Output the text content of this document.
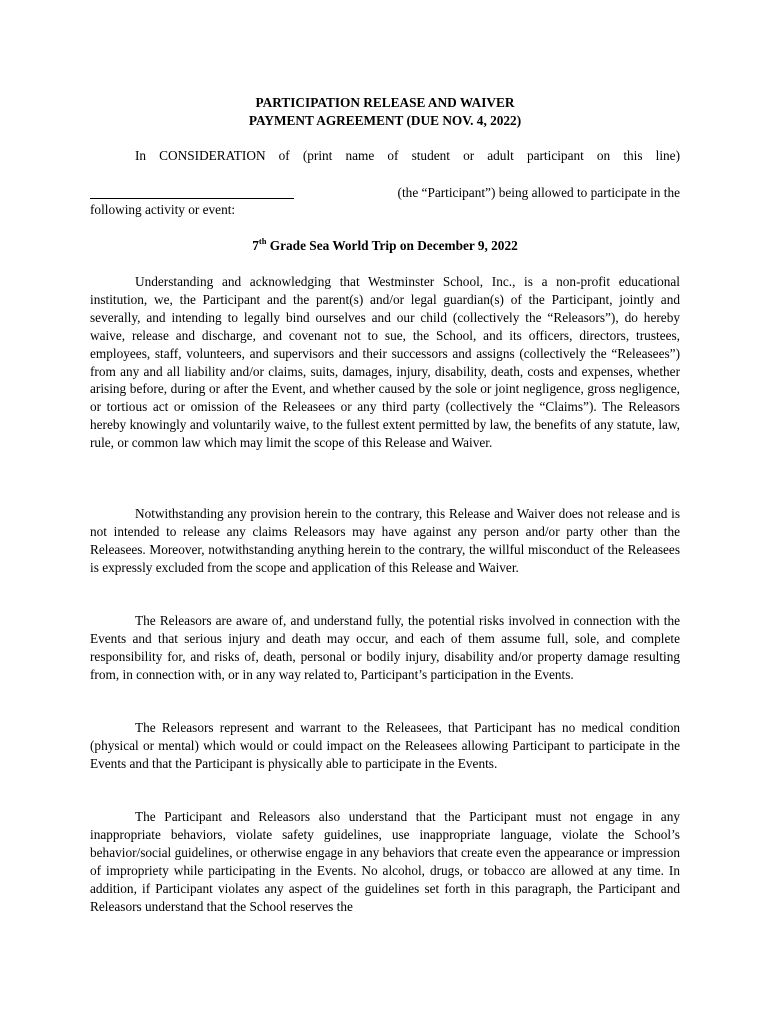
PARTICIPATION RELEASE AND WAIVER
PAYMENT AGREEMENT (DUE NOV. 4, 2022)
In CONSIDERATION of (print name of student or adult participant on this line)
(the “Participant”) being allowed to participate in the
following activity or event:
7th Grade Sea World Trip on December 9, 2022

Understanding and acknowledging that Westminster School, Inc., is a non-profit educational institution, we, the Participant and the parent(s) and/or legal guardian(s) of the Participant, jointly and severally, and intending to legally bind ourselves and our child (collectively the “Releasors”), do hereby waive, release and discharge, and covenant not to sue, the School, and its officers, directors, trustees, employees, staff, volunteers, and supervisors and their successors and assigns (collectively the “Releasees”) from any and all liability and/or claims, suits, damages, injury, disability, death, costs and expenses, whether arising before, during or after the Event, and whether caused by the sole or joint negligence, gross negligence, or tortious act or omission of the Releasees or any third party (collectively the “Claims”). The Releasors hereby knowingly and voluntarily waive, to the fullest extent permitted by law, the benefits of any statute, law, rule, or common law which may limit the scope of this Release and Waiver.

Notwithstanding any provision herein to the contrary, this Release and Waiver does not release and is not intended to release any claims Releasors may have against any person and/or party other than the Releasees. Moreover, notwithstanding anything herein to the contrary, the willful misconduct of the Releasees is expressly excluded from the scope and application of this Release and Waiver.

The Releasors are aware of, and understand fully, the potential risks involved in connection with the Events and that serious injury and death may occur, and each of them assume full, sole, and complete responsibility for, and risks of, death, personal or bodily injury, disability and/or property damage resulting from, in connection with, or in any way related to, Participant’s participation in the Events.

The Releasors represent and warrant to the Releasees, that Participant has no medical condition (physical or mental) which would or could impact on the Releasees allowing Participant to participate in the Events and that the Participant is physically able to participate in the Events.

The Participant and Releasors also understand that the Participant must not engage in any inappropriate behaviors, violate safety guidelines, use inappropriate language, violate the School’s behavior/social guidelines, or otherwise engage in any behaviors that create even the appearance or impression of impropriety while participating in the Events. No alcohol, drugs, or tobacco are allowed at any time. In addition, if Participant violates any aspect of the guidelines set forth in this paragraph, the Participant and Releasors understand that the School reserves the
